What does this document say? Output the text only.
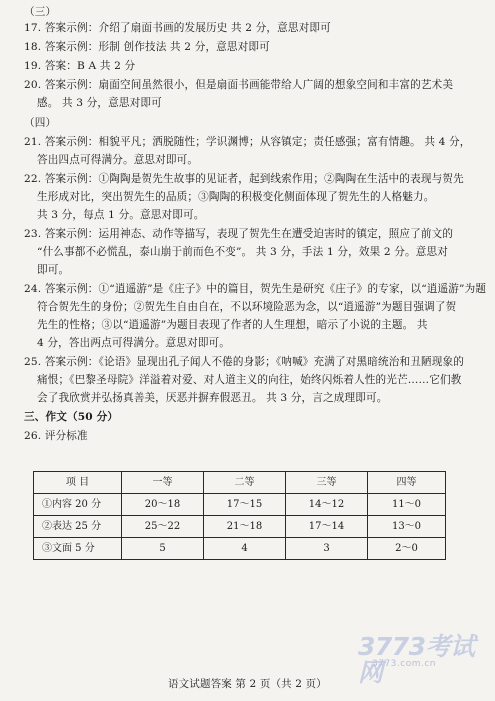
（三）
17. 答案示例：介绍了扇面书画的发展历史 共 2 分，意思对即可
18. 答案示例：形制 创作技法 共 2 分，意思对即可
19. 答案：B A 共 2 分
20. 答案示例：扇面空间虽然很小，但是扇面书画能带给人广阔的想象空间和丰富的艺术美
感。 共 3 分，意思对即可
（四）
21. 答案示例：相貌平凡；洒脱随性；学识渊博；从容镇定；责任感强；富有情趣。 共 4 分，
答出四点可得满分。意思对即可。
22. 答案示例：①陶陶是贺先生故事的见证者，起到线索作用；②陶陶在生活中的表现与贺先
生形成对比，突出贺先生的品质；③陶陶的积极变化侧面体现了贺先生的人格魅力。
共 3 分，每点 1 分。意思对即可。
23. 答案示例：运用神态、动作等描写，表现了贺先生在遭受迫害时的镇定，照应了前文的
“什么事都不必慌乱，泰山崩于前而色不变”。 共 3 分，手法 1 分，效果 2 分。意思对
即可。
24. 答案示例：①“逍遥游”是《庄子》中的篇目，贺先生是研究《庄子》的专家，以“逍遥游”为题
符合贺先生的身份；②贺先生自由自在，不以环境险恶为念，以“逍遥游”为题目强调了贺
先生的性格；③以“逍遥游”为题目表现了作者的人生理想，暗示了小说的主题。 共
4 分，答出两点可得满分。意思对即可。
25. 答案示例：《论语》显现出孔子闻人不倦的身影；《呐喊》充满了对黑暗统治和丑陋现象的
痛恨；《巴黎圣母院》洋溢着对爱、对人道主义的向往，始终闪烁着人性的光芒……它们教
会了我欣赏并弘扬真善美，厌恶并摒弃假恶丑。 共 3 分，言之成理即可。
三、作文（50 分）
26. 评分标准
项 目	一等	二等	三等	四等
①内容 20 分	20～18	17～15	14～12	11～0
②表达 25 分	25～22	21～18	17～14	13～0
③文面 5 分	5	4	3	2～0
3773考试网
3773.com.cn
语文试题答案 第 2 页（共 2 页）
